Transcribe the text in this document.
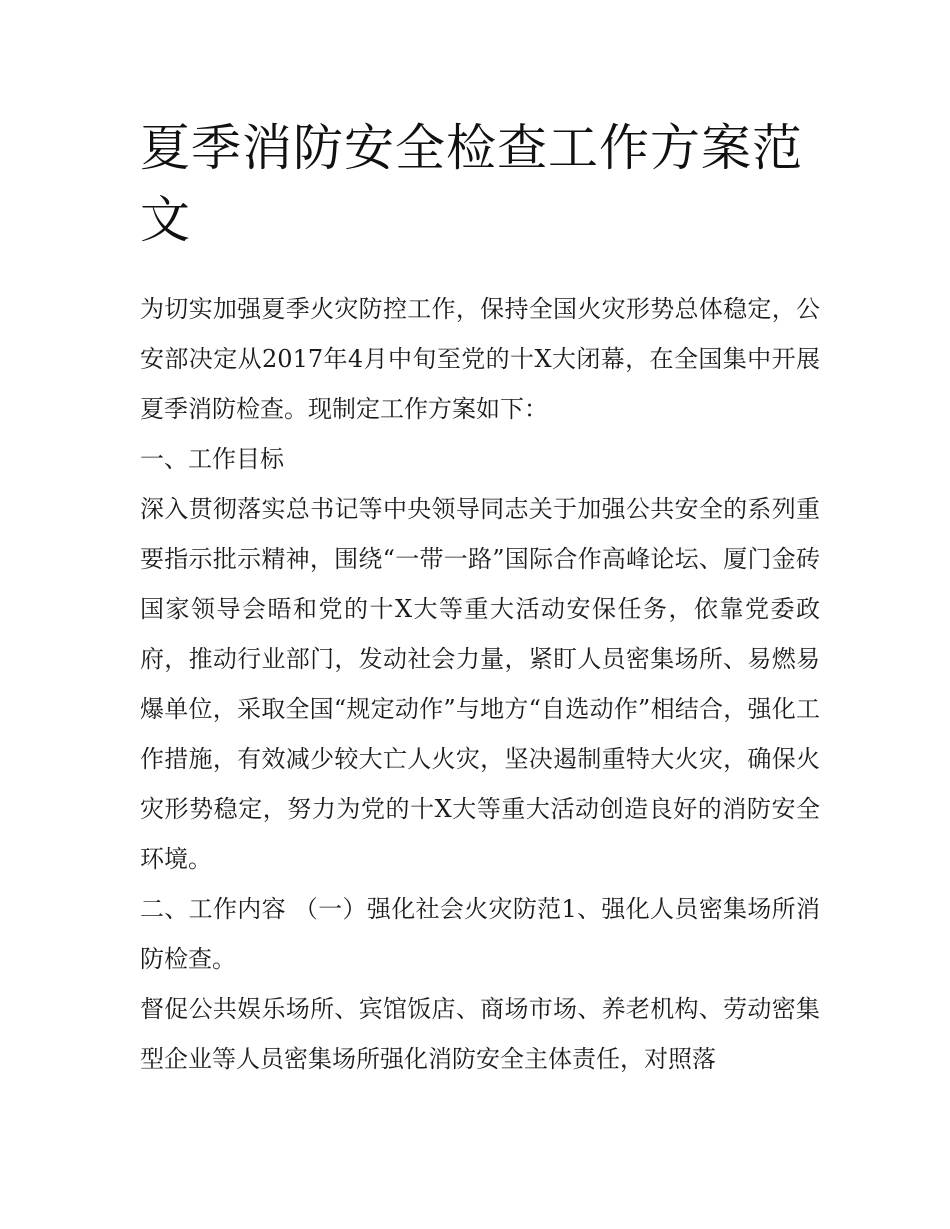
夏季消防安全检查工作方案范文

为切实加强夏季火灾防控工作，保持全国火灾形势总体稳定，公安部决定从2017年4月中旬至党的十X大闭幕，在全国集中开展夏季消防检查。现制定工作方案如下：

一、工作目标

深入贯彻落实总书记等中央领导同志关于加强公共安全的系列重要指示批示精神，围绕“一带一路”国际合作高峰论坛、厦门金砖国家领导会晤和党的十X大等重大活动安保任务，依靠党委政府，推动行业部门，发动社会力量，紧盯人员密集场所、易燃易爆单位，采取全国“规定动作”与地方“自选动作”相结合，强化工作措施，有效减少较大亡人火灾，坚决遏制重特大火灾，确保火灾形势稳定，努力为党的十X大等重大活动创造良好的消防安全环境。

二、工作内容 （一）强化社会火灾防范1、强化人员密集场所消防检查。

督促公共娱乐场所、宾馆饭店、商场市场、养老机构、劳动密集型企业等人员密集场所强化消防安全主体责任，对照落
